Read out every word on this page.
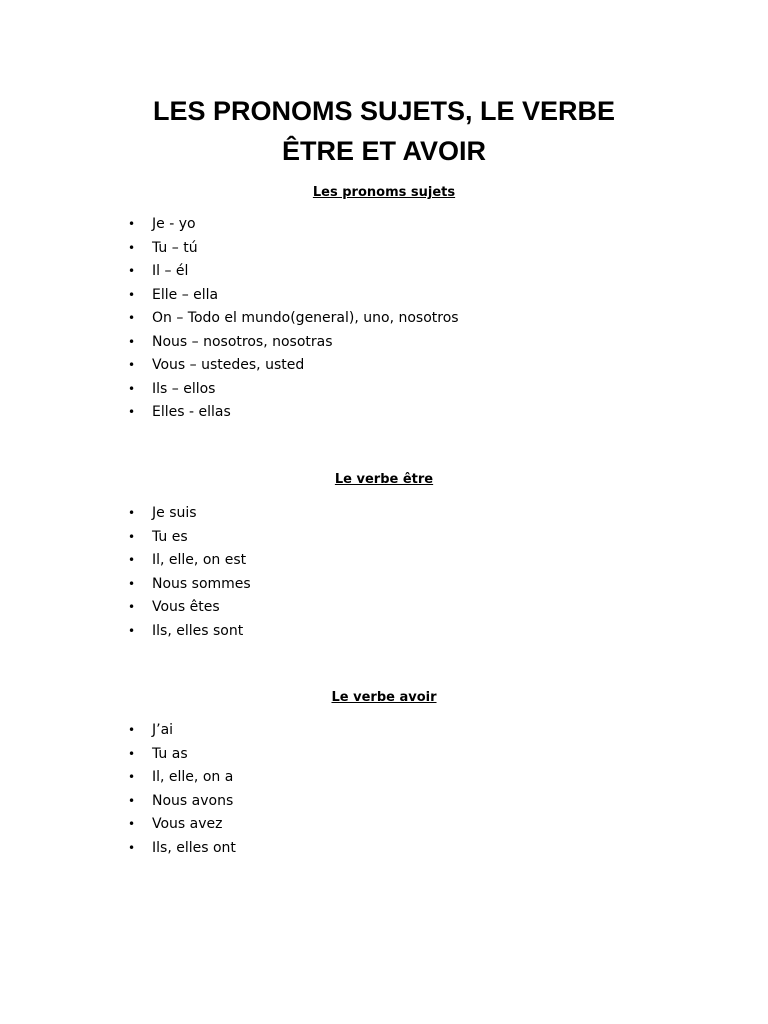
LES PRONOMS SUJETS, LE VERBE
ÊTRE ET AVOIR
Les pronoms sujets
• Je - yo
• Tu – tú
• Il – él
• Elle – ella
• On – Todo el mundo(general), uno, nosotros
• Nous – nosotros, nosotras
• Vous – ustedes, usted
• Ils – ellos
• Elles - ellas
Le verbe être
• Je suis
• Tu es
• Il, elle, on est
• Nous sommes
• Vous êtes
• Ils, elles sont
Le verbe avoir
• J’ai
• Tu as
• Il, elle, on a
• Nous avons
• Vous avez
• Ils, elles ont
